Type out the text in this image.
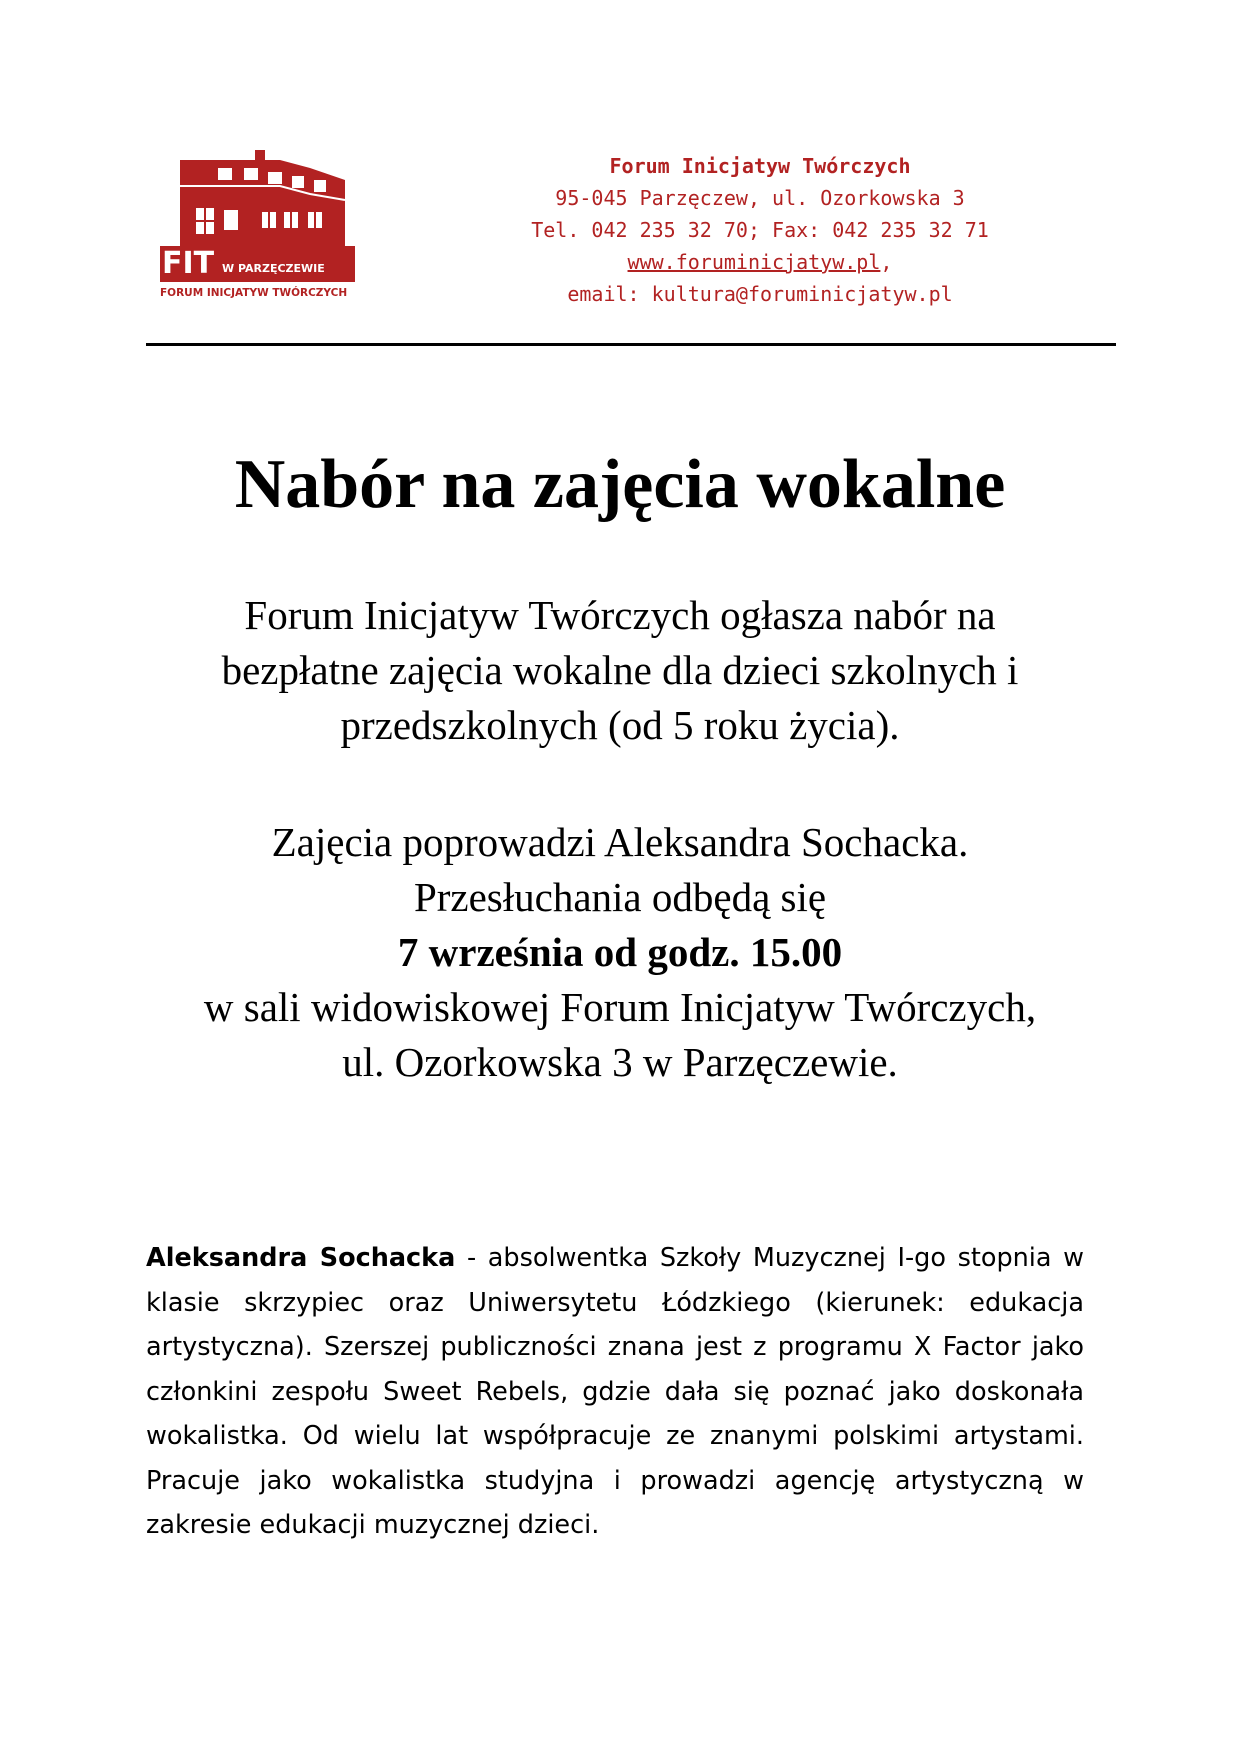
FIT W PARZĘCZEWIE
FORUM INICJATYW TWÓRCZYCH
Forum Inicjatyw Twórczych
95-045 Parzęczew, ul. Ozorkowska 3
Tel. 042 235 32 70; Fax: 042 235 32 71
www.foruminicjatyw.pl,
email: kultura@foruminicjatyw.pl
Nabór na zajęcia wokalne
Forum Inicjatyw Twórczych ogłasza nabór na
bezpłatne zajęcia wokalne dla dzieci szkolnych i
przedszkolnych (od 5 roku życia).
Zajęcia poprowadzi Aleksandra Sochacka.
Przesłuchania odbędą się
7 września od godz. 15.00
w sali widowiskowej Forum Inicjatyw Twórczych,
ul. Ozorkowska 3 w Parzęczewie.
Aleksandra Sochacka - absolwentka Szkoły Muzycznej I-go stopnia w klasie skrzypiec oraz Uniwersytetu Łódzkiego (kierunek: edukacja artystyczna). Szerszej publiczności znana jest z programu X Factor jako członkini zespołu Sweet Rebels, gdzie dała się poznać jako doskonała wokalistka. Od wielu lat współpracuje ze znanymi polskimi artystami. Pracuje jako wokalistka studyjna i prowadzi agencję artystyczną w zakresie edukacji muzycznej dzieci.
